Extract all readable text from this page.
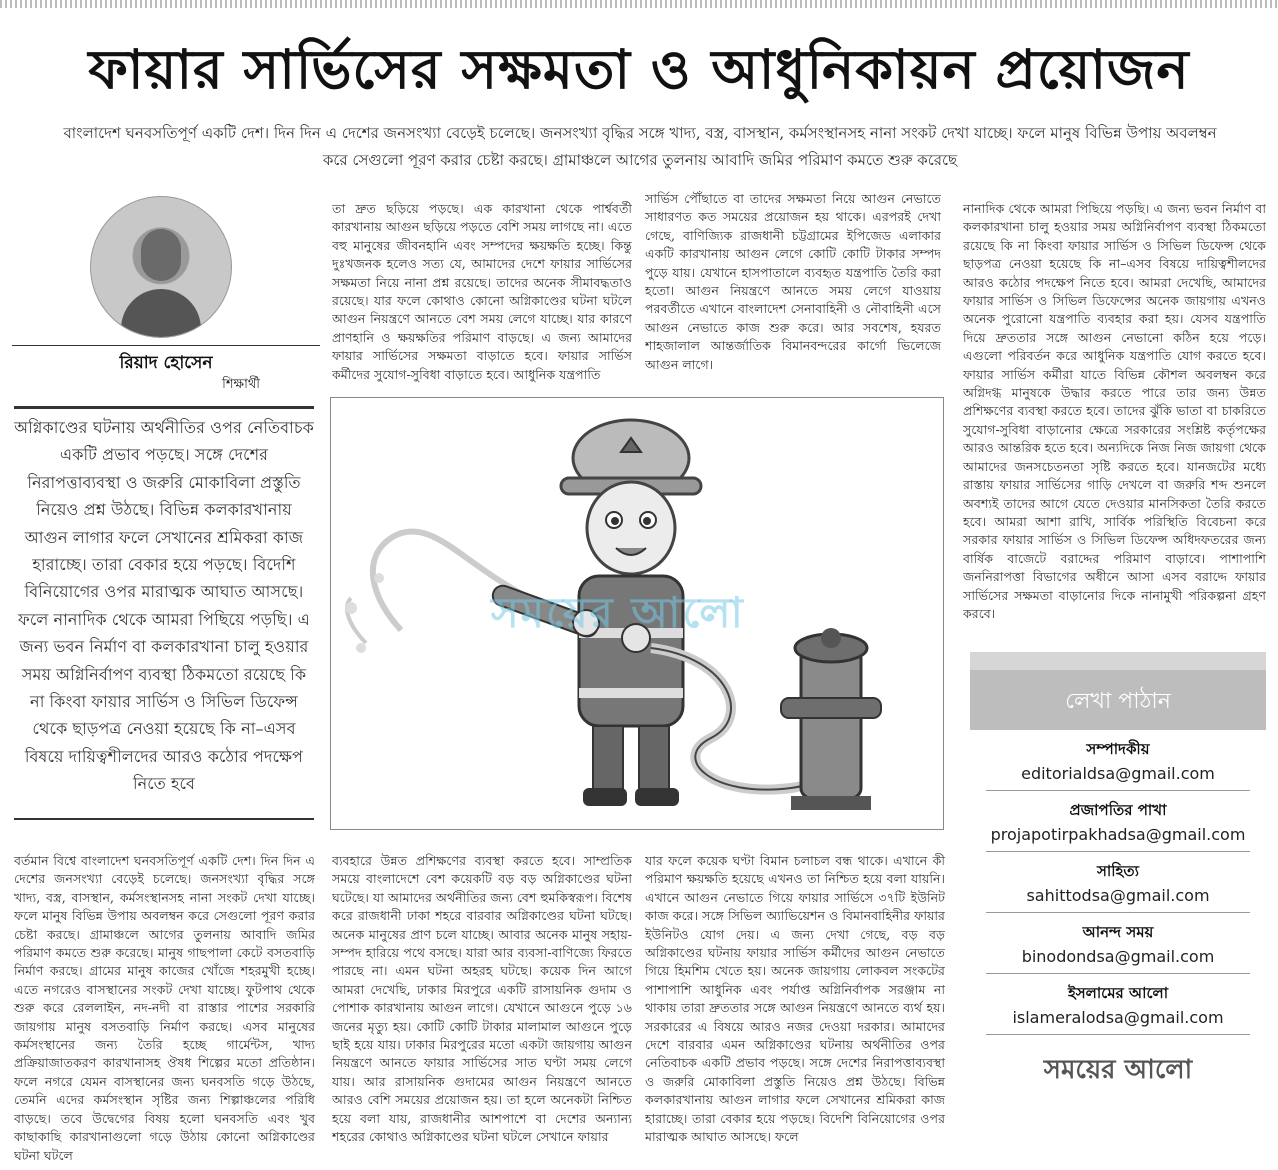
ফায়ার সার্ভিসের সক্ষমতা ও আধুনিকায়ন প্রয়োজন
বাংলাদেশ ঘনবসতিপূর্ণ একটি দেশ। দিন দিন এ দেশের জনসংখ্যা বেড়েই চলেছে। জনসংখ্যা বৃদ্ধির সঙ্গে খাদ্য, বস্ত্র, বাসস্থান, কর্মসংস্থানসহ নানা সংকট দেখা যাচ্ছে। ফলে মানুষ বিভিন্ন উপায় অবলম্বন করে সেগুলো পূরণ করার চেষ্টা করছে। গ্রামাঞ্চলে আগের তুলনায় আবাদি জমির পরিমাণ কমতে শুরু করেছে
রিয়াদ হোসেন
শিক্ষার্থী
অগ্নিকাণ্ডের ঘটনায় অর্থনীতির ওপর নেতিবাচক একটি প্রভাব পড়ছে। সঙ্গে দেশের নিরাপত্তাব্যবস্থা ও জরুরি মোকাবিলা প্রস্তুতি নিয়েও প্রশ্ন উঠছে। বিভিন্ন কলকারখানায় আগুন লাগার ফলে সেখানের শ্রমিকরা কাজ হারাচ্ছে। তারা বেকার হয়ে পড়ছে। বিদেশি বিনিয়োগের ওপর মারাত্মক আঘাত আসছে। ফলে নানাদিক থেকে আমরা পিছিয়ে পড়ছি। এ জন্য ভবন নির্মাণ বা কলকারখানা চালু হওয়ার সময় অগ্নিনির্বাপণ ব্যবস্থা ঠিকমতো রয়েছে কি না কিংবা ফায়ার সার্ভিস ও সিভিল ডিফেন্স থেকে ছাড়পত্র নেওয়া হয়েছে কি না–এসব বিষয়ে দায়িত্বশীলদের আরও কঠোর পদক্ষেপ নিতে হবে
তা দ্রুত ছড়িয়ে পড়ছে। এক কারখানা থেকে পার্শ্ববর্তী কারখানায় আগুন ছড়িয়ে পড়তে বেশি সময় লাগছে না। এতে বহু মানুষের জীবনহানি এবং সম্পদের ক্ষয়ক্ষতি হচ্ছে। কিন্তু দুঃখজনক হলেও সত্য যে, আমাদের দেশে ফায়ার সার্ভিসের সক্ষমতা নিয়ে নানা প্রশ্ন রয়েছে। তাদের অনেক সীমাবদ্ধতাও রয়েছে। যার ফলে কোথাও কোনো অগ্নিকাণ্ডের ঘটনা ঘটলে আগুন নিয়ন্ত্রণে আনতে বেশ সময় লেগে যাচ্ছে। যার কারণে প্রাণহানি ও ক্ষয়ক্ষতির পরিমাণ বাড়ছে। এ জন্য আমাদের ফায়ার সার্ভিসের সক্ষমতা বাড়াতে হবে। ফায়ার সার্ভিস কর্মীদের সুযোগ-সুবিধা বাড়াতে হবে। আধুনিক যন্ত্রপাতি
সার্ভিস পৌঁছাতে বা তাদের সক্ষমতা নিয়ে আগুন নেভাতে সাধারণত কত সময়ের প্রয়োজন হয় থাকে। এরপরই দেখা গেছে, বাণিজ্যিক রাজধানী চট্টগ্রামের ইপিজেড এলাকার একটি কারখানায় আগুন লেগে কোটি কোটি টাকার সম্পদ পুড়ে যায়। যেখানে হাসপাতালে ব্যবহৃত যন্ত্রপাতি তৈরি করা হতো। আগুন নিয়ন্ত্রণে আনতে সময় লেগে যাওয়ায় পরবর্তীতে এখানে বাংলাদেশ সেনাবাহিনী ও নৌবাহিনী এসে আগুন নেভাতে কাজ শুরু করে। আর সবশেষ, হযরত শাহজালাল আন্তর্জাতিক বিমানবন্দরের কার্গো ভিলেজে আগুন লাগে।
নানাদিক থেকে আমরা পিছিয়ে পড়ছি। এ জন্য ভবন নির্মাণ বা কলকারখানা চালু হওয়ার সময় অগ্নিনির্বাপণ ব্যবস্থা ঠিকমতো রয়েছে কি না কিংবা ফায়ার সার্ভিস ও সিভিল ডিফেন্স থেকে ছাড়পত্র নেওয়া হয়েছে কি না–এসব বিষয়ে দায়িত্বশীলদের আরও কঠোর পদক্ষেপ নিতে হবে। আমরা দেখেছি, আমাদের ফায়ার সার্ভিস ও সিভিল ডিফেন্সের অনেক জায়গায় এখনও অনেক পুরোনো যন্ত্রপাতি ব্যবহার করা হয়। যেসব যন্ত্রপাতি দিয়ে দ্রুততার সঙ্গে আগুন নেভানো কঠিন হয়ে পড়ে। এগুলো পরিবর্তন করে আধুনিক যন্ত্রপাতি যোগ করতে হবে। ফায়ার সার্ভিস কর্মীরা যাতে বিভিন্ন কৌশল অবলম্বন করে অগ্নিদগ্ধ মানুষকে উদ্ধার করতে পারে তার জন্য উন্নত প্রশিক্ষণের ব্যবস্থা করতে হবে। তাদের ঝুঁকি ভাতা বা চাকরিতে সুযোগ-সুবিধা বাড়ানোর ক্ষেত্রে সরকারের সংশ্লিষ্ট কর্তৃপক্ষের আরও আন্তরিক হতে হবে। অন্যদিকে নিজ নিজ জায়গা থেকে আমাদের জনসচেতনতা সৃষ্টি করতে হবে। যানজটের মধ্যে রাস্তায় ফায়ার সার্ভিসের গাড়ি দেখলে বা জরুরি শব্দ শুনলে অবশ্যই তাদের আগে যেতে দেওয়ার মানসিকতা তৈরি করতে হবে। আমরা আশা রাখি, সার্বিক পরিস্থিতি বিবেচনা করে সরকার ফায়ার সার্ভিস ও সিভিল ডিফেন্স অধিদফতরের জন্য বার্ষিক বাজেটে বরাদ্দের পরিমাণ বাড়াবে। পাশাপাশি জননিরাপত্তা বিভাগের অধীনে আসা এসব বরাদ্দে ফায়ার সার্ভিসের সক্ষমতা বাড়ানোর দিকে নানামুখী পরিকল্পনা গ্রহণ করবে।
সময়ের আলো
বর্তমান বিশ্বে বাংলাদেশ ঘনবসতিপূর্ণ একটি দেশ। দিন দিন এ দেশের জনসংখ্যা বেড়েই চলেছে। জনসংখ্যা বৃদ্ধির সঙ্গে খাদ্য, বস্ত্র, বাসস্থান, কর্মসংস্থানসহ নানা সংকট দেখা যাচ্ছে। ফলে মানুষ বিভিন্ন উপায় অবলম্বন করে সেগুলো পূরণ করার চেষ্টা করছে। গ্রামাঞ্চলে আগের তুলনায় আবাদি জমির পরিমাণ কমতে শুরু করেছে। মানুষ গাছপালা কেটে বসতবাড়ি নির্মাণ করছে। গ্রামের মানুষ কাজের খোঁজে শহরমুখী হচ্ছে। এতে নগরেও বাসস্থানের সংকট দেখা যাচ্ছে। ফুটপাথ থেকে শুরু করে রেললাইন, নদ-নদী বা রাস্তার পাশের সরকারি জায়গায় মানুষ বসতবাড়ি নির্মাণ করছে। এসব মানুষের কর্মসংস্থানের জন্য তৈরি হচ্ছে গার্মেন্টস, খাদ্য প্রক্রিয়াজাতকরণ কারখানাসহ ঔষধ শিল্পের মতো প্রতিষ্ঠান। ফলে নগরে যেমন বাসস্থানের জন্য ঘনবসতি গড়ে উঠছে, তেমনি এদের কর্মসংস্থান সৃষ্টির জন্য শিল্পাঞ্চলের পরিধি বাড়ছে। তবে উদ্বেগের বিষয় হলো ঘনবসতি এবং খুব কাছাকাছি কারখানাগুলো গড়ে উঠায় কোনো অগ্নিকাণ্ডের ঘটনা ঘটলে
ব্যবহারে উন্নত প্রশিক্ষণের ব্যবস্থা করতে হবে। সাম্প্রতিক সময়ে বাংলাদেশে বেশ কয়েকটি বড় বড় অগ্নিকাণ্ডের ঘটনা ঘটেছে। যা আমাদের অর্থনীতির জন্য বেশ হুমকিস্বরূপ। বিশেষ করে রাজধানী ঢাকা শহরে বারবার অগ্নিকাণ্ডের ঘটনা ঘটছে। অনেক মানুষের প্রাণ চলে যাচ্ছে। আবার অনেক মানুষ সহায়-সম্পদ হারিয়ে পথে বসছে। যারা আর ব্যবসা-বাণিজ্যে ফিরতে পারছে না। এমন ঘটনা অহরহ ঘটছে। কয়েক দিন আগে আমরা দেখেছি, ঢাকার মিরপুরে একটি রাসায়নিক গুদাম ও পোশাক কারখানায় আগুন লাগে। যেখানে আগুনে পুড়ে ১৬ জনের মৃত্যু হয়। কোটি কোটি টাকার মালামাল আগুনে পুড়ে ছাই হয়ে যায়। ঢাকার মিরপুরের মতো একটা জায়গায় আগুন নিয়ন্ত্রণে আনতে ফায়ার সার্ভিসের সাত ঘণ্টা সময় লেগে যায়। আর রাসায়নিক গুদামের আগুন নিয়ন্ত্রণে আনতে আরও বেশি সময়ের প্রয়োজন হয়। তা হলে অনেকটা নিশ্চিত হয়ে বলা যায়, রাজধানীর আশপাশে বা দেশের অন্যান্য শহরের কোথাও অগ্নিকাণ্ডের ঘটনা ঘটলে সেখানে ফায়ার
যার ফলে কয়েক ঘণ্টা বিমান চলাচল বন্ধ থাকে। এখানে কী পরিমাণ ক্ষয়ক্ষতি হয়েছে এখনও তা নিশ্চিত হয়ে বলা যায়নি। এখানে আগুন নেভাতে গিয়ে ফায়ার সার্ভিসে ৩৭টি ইউনিট কাজ করে। সঙ্গে সিভিল অ্যাভিয়েশন ও বিমানবাহিনীর ফায়ার ইউনিটও যোগ দেয়। এ জন্য দেখা গেছে, বড় বড় অগ্নিকাণ্ডের ঘটনায় ফায়ার সার্ভিস কর্মীদের আগুন নেভাতে গিয়ে হিমশিম খেতে হয়। অনেক জায়গায় লোকবল সংকটের পাশাপাশি আধুনিক এবং পর্যাপ্ত অগ্নিনির্বাপক সরঞ্জাম না থাকায় তারা দ্রুততার সঙ্গে আগুন নিয়ন্ত্রণে আনতে ব্যর্থ হয়। সরকারের এ বিষয়ে আরও নজর দেওয়া দরকার। আমাদের দেশে বারবার এমন অগ্নিকাণ্ডের ঘটনায় অর্থনীতির ওপর নেতিবাচক একটি প্রভাব পড়ছে। সঙ্গে দেশের নিরাপত্তাব্যবস্থা ও জরুরি মোকাবিলা প্রস্তুতি নিয়েও প্রশ্ন উঠছে। বিভিন্ন কলকারখানায় আগুন লাগার ফলে সেখানের শ্রমিকরা কাজ হারাচ্ছে। তারা বেকার হয়ে পড়ছে। বিদেশি বিনিয়োগের ওপর মারাত্মক আঘাত আসছে। ফলে
লেখা পাঠান
সম্পাদকীয়
editorialdsa@gmail.com
প্রজাপতির পাখা
projapotirpakhadsa@gmail.com
সাহিত্য
sahittodsa@gmail.com
আনন্দ সময়
binodondsa@gmail.com
ইসলামের আলো
islameralodsa@gmail.com
সময়ের আলো
